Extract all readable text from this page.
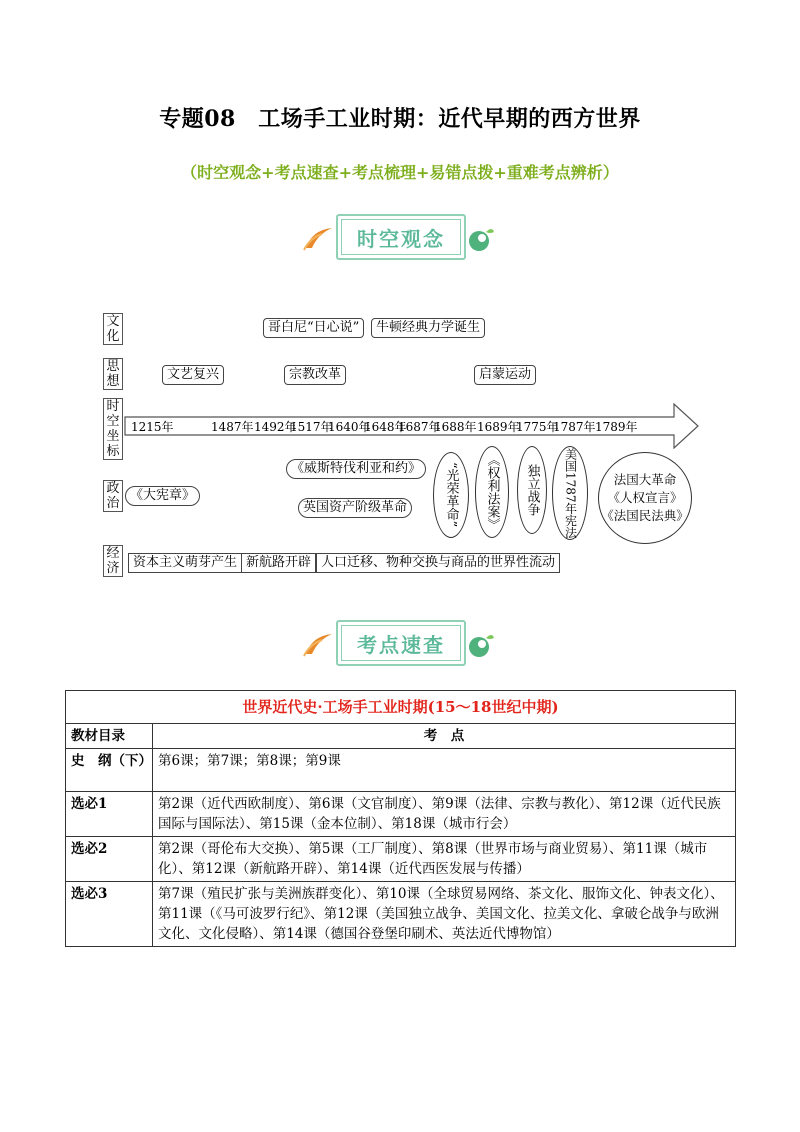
专题08　工场手工业时期：近代早期的西方世界
（时空观念+考点速查+考点梳理+易错点拨+重难考点辨析）
时空观念
文化
思想
时空坐标
政治
经济
哥白尼“日心说”	牛顿经典力学诞生
文艺复兴	宗教改革	启蒙运动
1215年	1487年 1492年
1517年
1640年
1648年
1687年
1688年 1689年
1775年
1787年 1789年
《大宪章》
《威斯特伐利亚和约》
英国资产阶级革命	“光荣革命” 《权利法案》 独立战争 美国1787年宪法	法国大革命
《人权宣言》
《法国民法典》
资本主义萌芽产生 新航路开辟 人口迁移、物种交换与商品的世界性流动
考点速查
世界近代史·工场手工业时期(15～18世纪中期)	
教材目录	考　点
史　纲（下）	第6课；第7课；第8课；第9课
选必1	第2课（近代西欧制度）、第6课（文官制度）、第9课（法律、宗教与教化）、第12课（近代民族国际与国际法）、第15课（金本位制）、第18课（城市行会）
选必2	第2课（哥伦布大交换）、第5课（工厂制度）、第8课（世界市场与商业贸易）、第11课（城市化）、第12课（新航路开辟）、第14课（近代西医发展与传播）
选必3	第7课（殖民扩张与美洲族群变化）、第10课（全球贸易网络、茶文化、服饰文化、钟表文化）、第11课（《马可波罗行纪》、第12课（美国独立战争、美国文化、拉美文化、拿破仑战争与欧洲文化、文化侵略）、第14课（德国谷登堡印刷术、英法近代博物馆）
